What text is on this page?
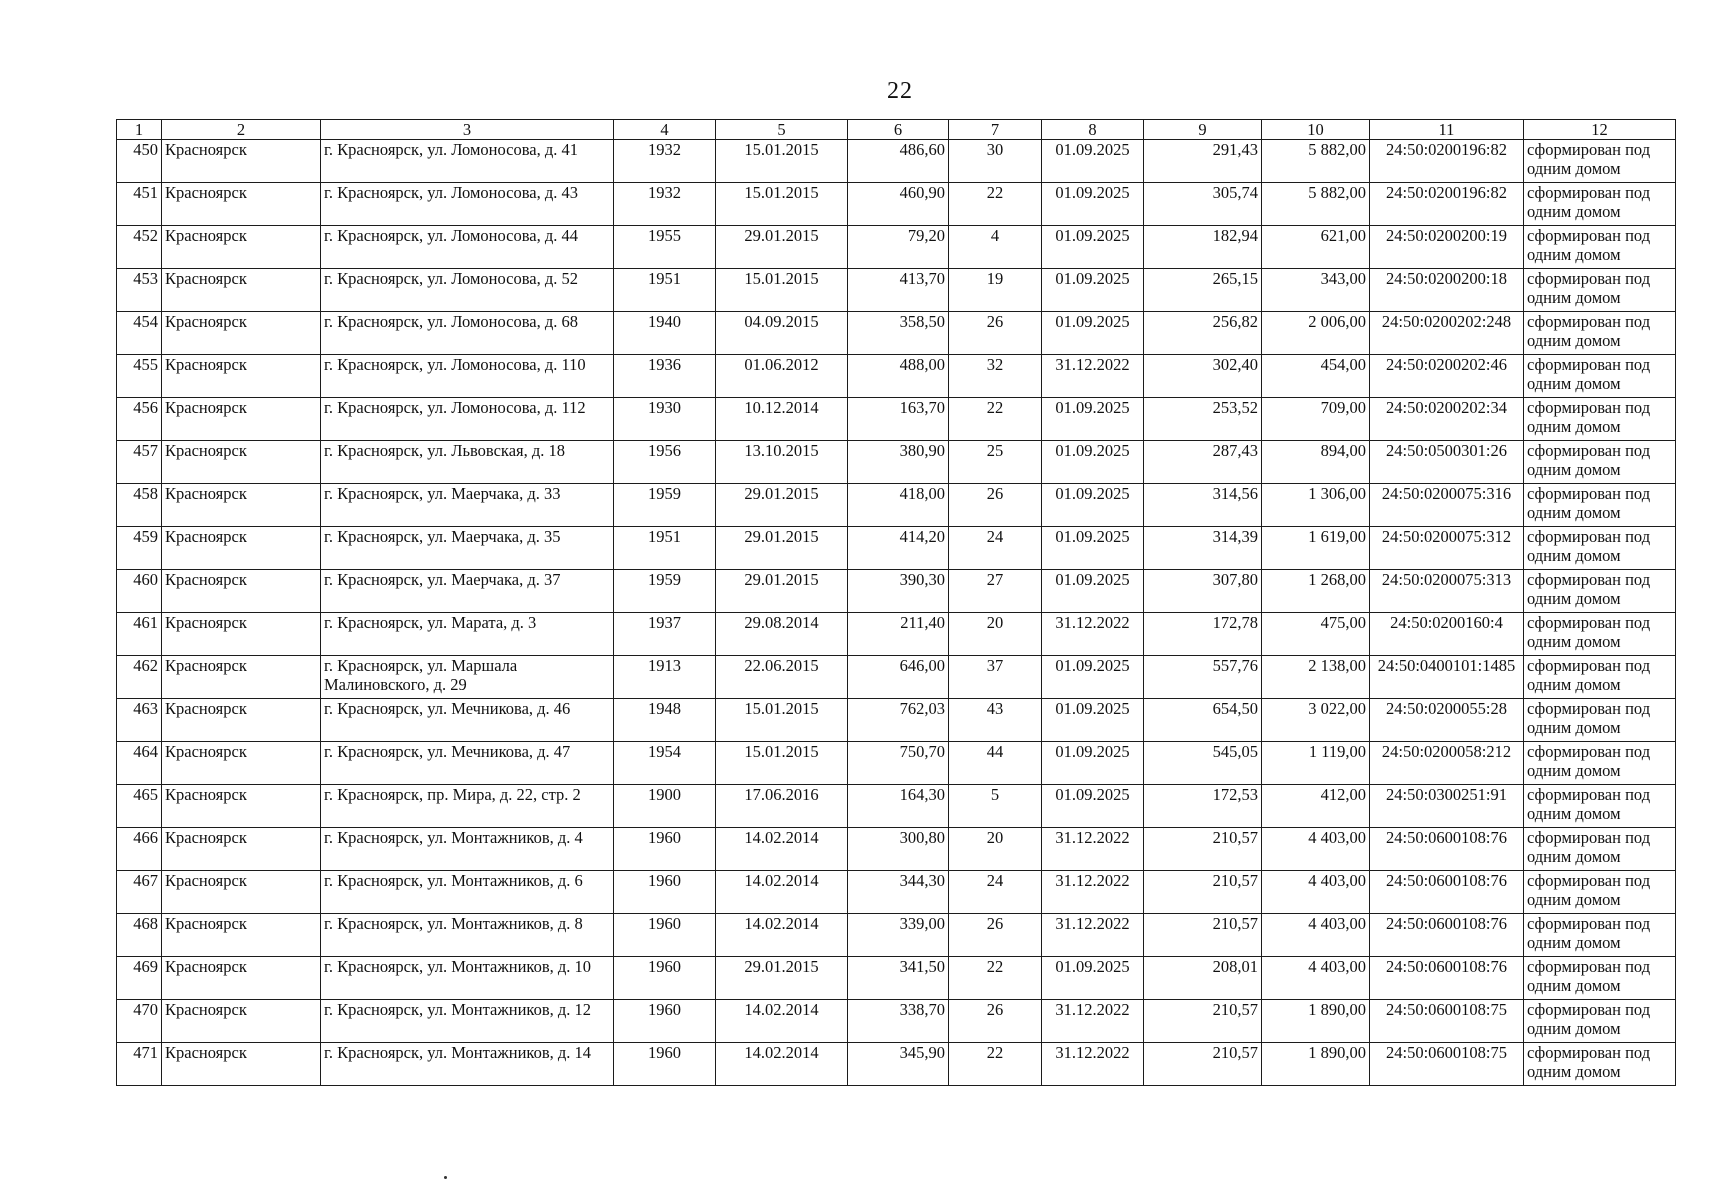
22
1	2	3	4	5	6	7	8	9	10	11	12
450	Красноярск	г. Красноярск, ул. Ломоносова, д. 41	1932	15.01.2015	486,60	30	01.09.2025	291,43	5 882,00	24:50:0200196:82	сформирован под одним домом
451	Красноярск	г. Красноярск, ул. Ломоносова, д. 43	1932	15.01.2015	460,90	22	01.09.2025	305,74	5 882,00	24:50:0200196:82	сформирован под одним домом
452	Красноярск	г. Красноярск, ул. Ломоносова, д. 44	1955	29.01.2015	79,20	4	01.09.2025	182,94	621,00	24:50:0200200:19	сформирован под одним домом
453	Красноярск	г. Красноярск, ул. Ломоносова, д. 52	1951	15.01.2015	413,70	19	01.09.2025	265,15	343,00	24:50:0200200:18	сформирован под одним домом
454	Красноярск	г. Красноярск, ул. Ломоносова, д. 68	1940	04.09.2015	358,50	26	01.09.2025	256,82	2 006,00	24:50:0200202:248	сформирован под одним домом
455	Красноярск	г. Красноярск, ул. Ломоносова, д. 110	1936	01.06.2012	488,00	32	31.12.2022	302,40	454,00	24:50:0200202:46	сформирован под одним домом
456	Красноярск	г. Красноярск, ул. Ломоносова, д. 112	1930	10.12.2014	163,70	22	01.09.2025	253,52	709,00	24:50:0200202:34	сформирован под одним домом
457	Красноярск	г. Красноярск, ул. Львовская, д. 18	1956	13.10.2015	380,90	25	01.09.2025	287,43	894,00	24:50:0500301:26	сформирован под одним домом
458	Красноярск	г. Красноярск, ул. Маерчака, д. 33	1959	29.01.2015	418,00	26	01.09.2025	314,56	1 306,00	24:50:0200075:316	сформирован под одним домом
459	Красноярск	г. Красноярск, ул. Маерчака, д. 35	1951	29.01.2015	414,20	24	01.09.2025	314,39	1 619,00	24:50:0200075:312	сформирован под одним домом
460	Красноярск	г. Красноярск, ул. Маерчака, д. 37	1959	29.01.2015	390,30	27	01.09.2025	307,80	1 268,00	24:50:0200075:313	сформирован под одним домом
461	Красноярск	г. Красноярск, ул. Марата, д. 3	1937	29.08.2014	211,40	20	31.12.2022	172,78	475,00	24:50:0200160:4	сформирован под одним домом
462	Красноярск	г. Красноярск, ул. Маршала Малиновского, д. 29	1913	22.06.2015	646,00	37	01.09.2025	557,76	2 138,00	24:50:0400101:1485	сформирован под одним домом
463	Красноярск	г. Красноярск, ул. Мечникова, д. 46	1948	15.01.2015	762,03	43	01.09.2025	654,50	3 022,00	24:50:0200055:28	сформирован под одним домом
464	Красноярск	г. Красноярск, ул. Мечникова, д. 47	1954	15.01.2015	750,70	44	01.09.2025	545,05	1 119,00	24:50:0200058:212	сформирован под одним домом
465	Красноярск	г. Красноярск, пр. Мира, д. 22, стр. 2	1900	17.06.2016	164,30	5	01.09.2025	172,53	412,00	24:50:0300251:91	сформирован под одним домом
466	Красноярск	г. Красноярск, ул. Монтажников, д. 4	1960	14.02.2014	300,80	20	31.12.2022	210,57	4 403,00	24:50:0600108:76	сформирован под одним домом
467	Красноярск	г. Красноярск, ул. Монтажников, д. 6	1960	14.02.2014	344,30	24	31.12.2022	210,57	4 403,00	24:50:0600108:76	сформирован под одним домом
468	Красноярск	г. Красноярск, ул. Монтажников, д. 8	1960	14.02.2014	339,00	26	31.12.2022	210,57	4 403,00	24:50:0600108:76	сформирован под одним домом
469	Красноярск	г. Красноярск, ул. Монтажников, д. 10	1960	29.01.2015	341,50	22	01.09.2025	208,01	4 403,00	24:50:0600108:76	сформирован под одним домом
470	Красноярск	г. Красноярск, ул. Монтажников, д. 12	1960	14.02.2014	338,70	26	31.12.2022	210,57	1 890,00	24:50:0600108:75	сформирован под одним домом
471	Красноярск	г. Красноярск, ул. Монтажников, д. 14	1960	14.02.2014	345,90	22	31.12.2022	210,57	1 890,00	24:50:0600108:75	сформирован под одним домом
